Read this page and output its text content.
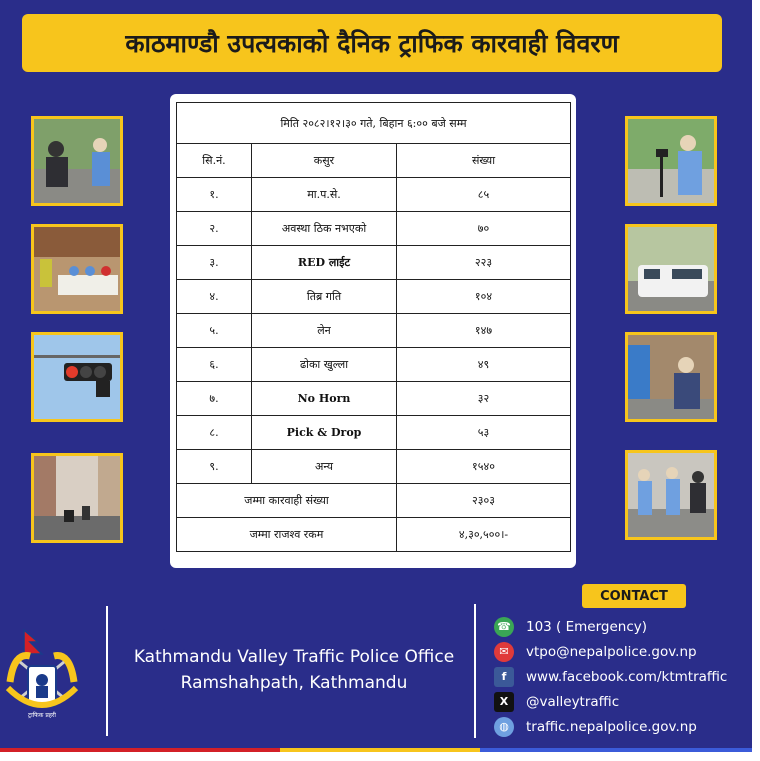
काठमाण्डौ उपत्यकाको दैनिक ट्राफिक कारवाही विवरण
मिति २०८२।१२।३० गते, बिहान ६:०० बजे सम्म		
सि.नं.	कसुर	संख्या
१.	मा.प.से.	८५
२.	अवस्था ठिक नभएको	७०
३.	RED लाईट	२२३
४.	तिब्र गति	१०४
५.	लेन	१४७
६.	ढोका खुल्ला	४९
७.	No Horn	३२
८.	Pick & Drop	५३
९.	अन्य	१५४०
जम्मा कारवाही संख्या		२३०३
जम्मा राजश्व रकम		४,३०,५००।-
CONTACT
ट्राफिक प्रहरी
Kathmandu Valley Traffic Police Office
Ramshahpath, Kathmandu
☎ 103 ( Emergency)
✉	vtpo@nepalpolice.gov.np
f	www.facebook.com/ktmtraffic
X	@valleytraffic
◍	traffic.nepalpolice.gov.np
